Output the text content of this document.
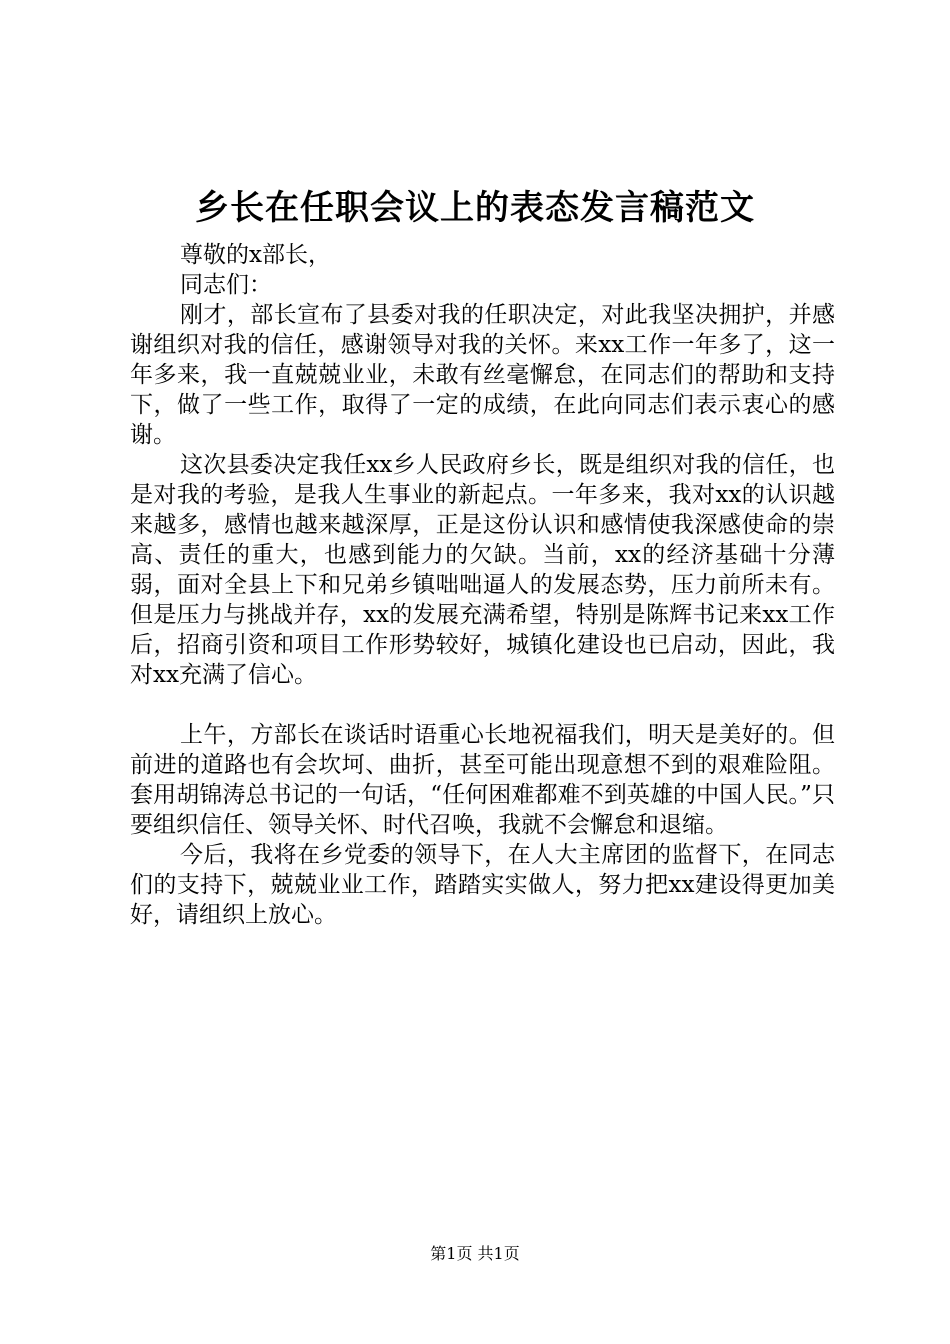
乡长在任职会议上的表态发言稿范文

尊敬的x部长，

同志们：

刚才，部长宣布了县委对我的任职决定，对此我坚决拥护，并感谢组织对我的信任，感谢领导对我的关怀。来xx工作一年多了，这一年多来，我一直兢兢业业，未敢有丝毫懈怠，在同志们的帮助和支持下，做了一些工作，取得了一定的成绩，在此向同志们表示衷心的感谢。

这次县委决定我任xx乡人民政府乡长，既是组织对我的信任，也是对我的考验，是我人生事业的新起点。一年多来，我对xx的认识越来越多，感情也越来越深厚，正是这份认识和感情使我深感使命的崇高、责任的重大，也感到能力的欠缺。当前，xx的经济基础十分薄弱，面对全县上下和兄弟乡镇咄咄逼人的发展态势，压力前所未有。但是压力与挑战并存，xx的发展充满希望，特别是陈辉书记来xx工作后，招商引资和项目工作形势较好，城镇化建设也已启动，因此，我对xx充满了信心。

上午，方部长在谈话时语重心长地祝福我们，明天是美好的。但前进的道路也有会坎坷、曲折，甚至可能出现意想不到的艰难险阻。套用胡锦涛总书记的一句话，“任何困难都难不到英雄的中国人民。”只要组织信任、领导关怀、时代召唤，我就不会懈怠和退缩。

今后，我将在乡党委的领导下，在人大主席团的监督下，在同志们的支持下，兢兢业业工作，踏踏实实做人，努力把xx建设得更加美好，请组织上放心。

第1页 共1页
